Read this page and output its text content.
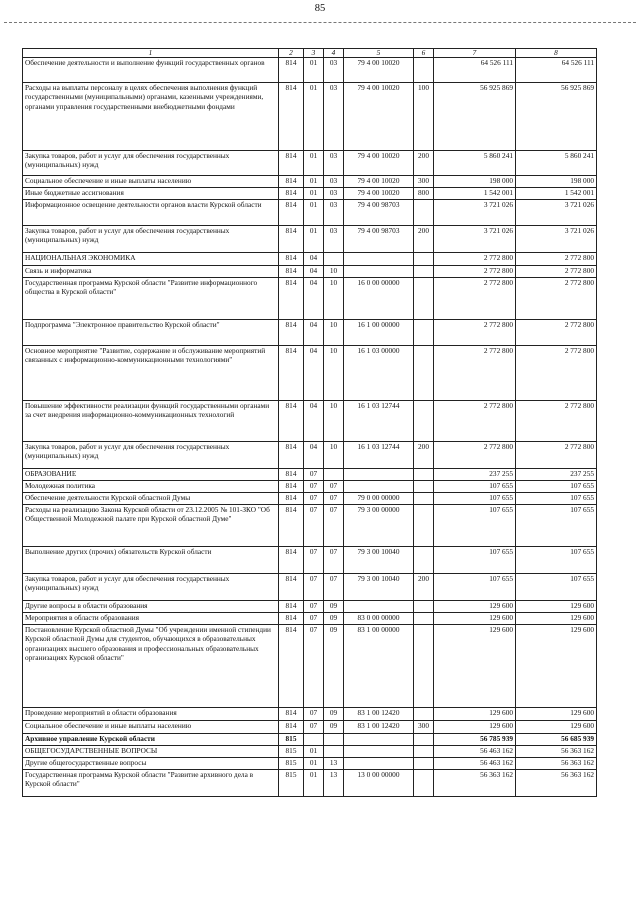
85
1	2	3	4	5	6	7	8
Обеспечение деятельности и выполнение функций государственных органов	814	01	03	79 4 00 10020		64 526 111	64 526 111
Расходы на выплаты персоналу в целях обеспечения выполнения функций государственными (муниципальными) органами, казенными учреждениями, органами управления государственными внебюджетными фондами	814	01	03	79 4 00 10020	100	56 925 869	56 925 869
Закупка товаров, работ и услуг для обеспечения государственных (муниципальных) нужд	814	01	03	79 4 00 10020	200	5 860 241	5 860 241
Социальное обеспечение и иные выплаты населению	814	01	03	79 4 00 10020	300	198 000	198 000
Иные бюджетные ассигнования	814	01	03	79 4 00 10020	800	1 542 001	1 542 001
Информационное освещение деятельности органов власти Курской области	814	01	03	79 4 00 98703		3 721 026	3 721 026
Закупка товаров, работ и услуг для обеспечения государственных (муниципальных) нужд	814	01	03	79 4 00 98703	200	3 721 026	3 721 026
НАЦИОНАЛЬНАЯ ЭКОНОМИКА	814	04				2 772 800	2 772 800
Связь и информатика	814	04	10			2 772 800	2 772 800
Государственная программа Курской области "Развитие информационного общества в Курской области"	814	04	10	16 0 00 00000		2 772 800	2 772 800
Подпрограмма "Электронное правительство Курской области"	814	04	10	16 1 00 00000		2 772 800	2 772 800
Основное мероприятие "Развитие, содержание и обслуживание мероприятий связанных с информационно-коммуникационными технологиями"	814	04	10	16 1 03 00000		2 772 800	2 772 800
Повышение эффективности реализации функций государственными органами за счет внедрения информационно-коммуникационных технологий	814	04	10	16 1 03 12744		2 772 800	2 772 800
Закупка товаров, работ и услуг для обеспечения государственных (муниципальных) нужд	814	04	10	16 1 03 12744	200	2 772 800	2 772 800
ОБРАЗОВАНИЕ	814	07				237 255	237 255
Молодежная политика	814	07	07			107 655	107 655
Обеспечение деятельности Курской областной Думы	814	07	07	79 0 00 00000		107 655	107 655
Расходы на реализацию Закона Курской области от 23.12.2005 № 101-ЗКО "Об Общественной Молодежной палате при Курской областной Думе"	814	07	07	79 3 00 00000		107 655	107 655
Выполнение других (прочих) обязательств Курской области	814	07	07	79 3 00 10040		107 655	107 655
Закупка товаров, работ и услуг для обеспечения государственных (муниципальных) нужд	814	07	07	79 3 00 10040	200	107 655	107 655
Другие вопросы в области образования	814	07	09			129 600	129 600
Мероприятия в области образования	814	07	09	83 0 00 00000		129 600	129 600
Постановление Курской областной Думы "Об учреждении именной стипендии Курской областной Думы для студентов, обучающихся в образовательных организациях высшего образования и профессиональных образовательных организациях Курской области"	814	07	09	83 1 00 00000		129 600	129 600
Проведение мероприятий в области образования	814	07	09	83 1 00 12420		129 600	129 600
Социальное обеспечение и иные выплаты населению	814	07	09	83 1 00 12420	300	129 600	129 600
Архивное управление Курской области	815					56 785 939	56 685 939
ОБЩЕГОСУДАРСТВЕННЫЕ ВОПРОСЫ	815	01				56 463 162	56 363 162
Другие общегосударственные вопросы	815	01	13			56 463 162	56 363 162
Государственная программа Курской области "Развитие архивного дела в Курской области"	815	01	13	13 0 00 00000		56 363 162	56 363 162
